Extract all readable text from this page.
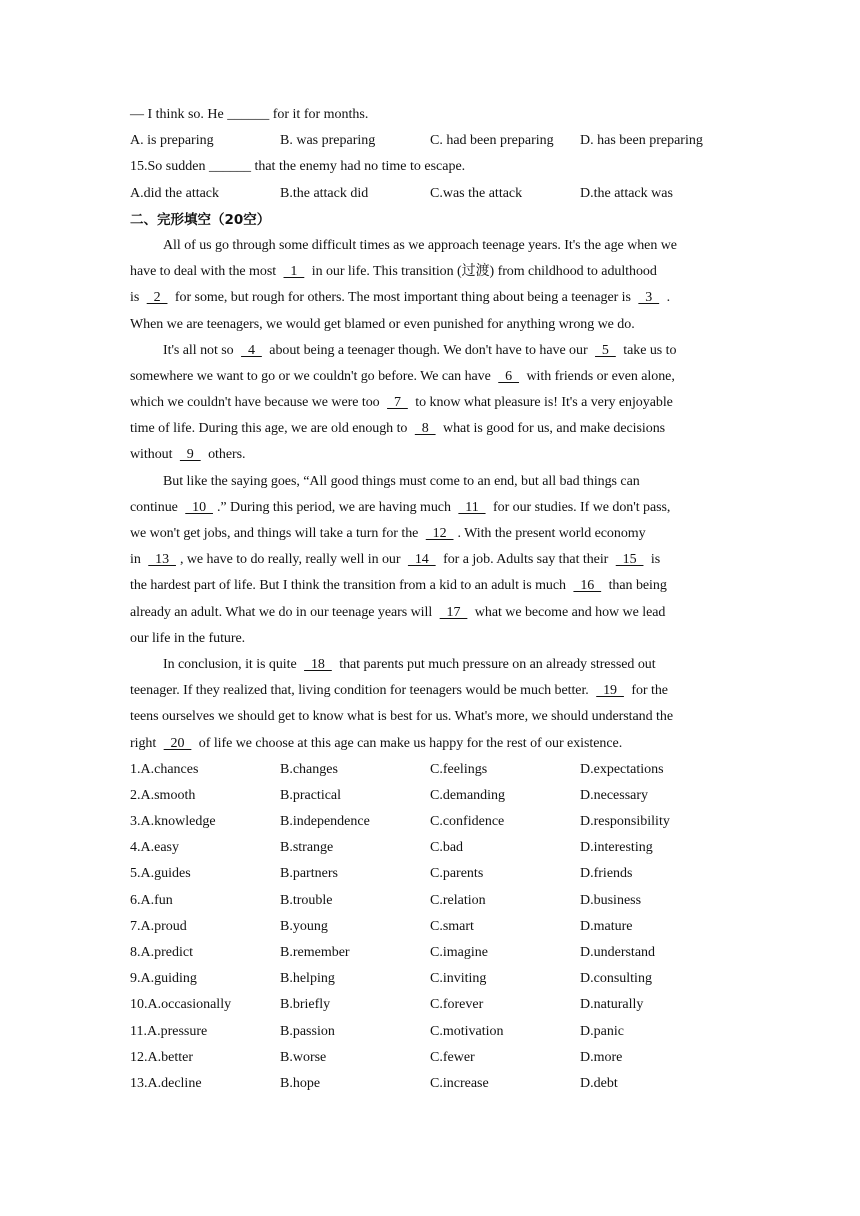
— I think so. He ______ for it for months.
A. is preparing	B. was preparing	C. had been preparing	D. has been preparing
15.So sudden ______ that the enemy had no time to escape.
A.did the attack	B.the attack did	C.was the attack	D.the attack was
二、完形填空（20空）
All of us go through some difficult times as we approach teenage years. It's the age when we
have to deal with the most   1   in our life. This transition (过渡) from childhood to adulthood
is   2   for some, but rough for others. The most important thing about being a teenager is   3   .
When we are teenagers, we would get blamed or even punished for anything wrong we do.
It's all not so   4   about being a teenager though. We don't have to have our   5   take us to
somewhere we want to go or we couldn't go before. We can have   6   with friends or even alone,
which we couldn't have because we were too   7   to know what pleasure is! It's a very enjoyable
time of life. During this age, we are old enough to   8   what is good for us, and make decisions
without   9   others.
But like the saying goes, “All good things must come to an end, but all bad things can
continue   10  .” During this period, we are having much   11   for our studies. If we don't pass,
we won't get jobs, and things will take a turn for the   12  . With the present world economy
in   13  , we have to do really, really well in our   14   for a job. Adults say that their   15   is
the hardest part of life. But I think the transition from a kid to an adult is much   16   than being
already an adult. What we do in our teenage years will   17   what we become and how we lead
our life in the future.
In conclusion, it is quite   18   that parents put much pressure on an already stressed out
teenager. If they realized that, living condition for teenagers would be much better.   19   for the
teens ourselves we should get to know what is best for us. What's more, we should understand the
right   20   of life we choose at this age can make us happy for the rest of our existence.
1.A.chances	B.changes	C.feelings	D.expectations
2.A.smooth	B.practical	C.demanding	D.necessary
3.A.knowledge	B.independence	C.confidence	D.responsibility
4.A.easy	B.strange	C.bad	D.interesting
5.A.guides	B.partners	C.parents	D.friends
6.A.fun	B.trouble	C.relation	D.business
7.A.proud	B.young	C.smart	D.mature
8.A.predict	B.remember	C.imagine	D.understand
9.A.guiding	B.helping	C.inviting	D.consulting
10.A.occasionally	B.briefly	C.forever	D.naturally
11.A.pressure	B.passion	C.motivation	D.panic
12.A.better	B.worse	C.fewer	D.more
13.A.decline	B.hope	C.increase	D.debt
